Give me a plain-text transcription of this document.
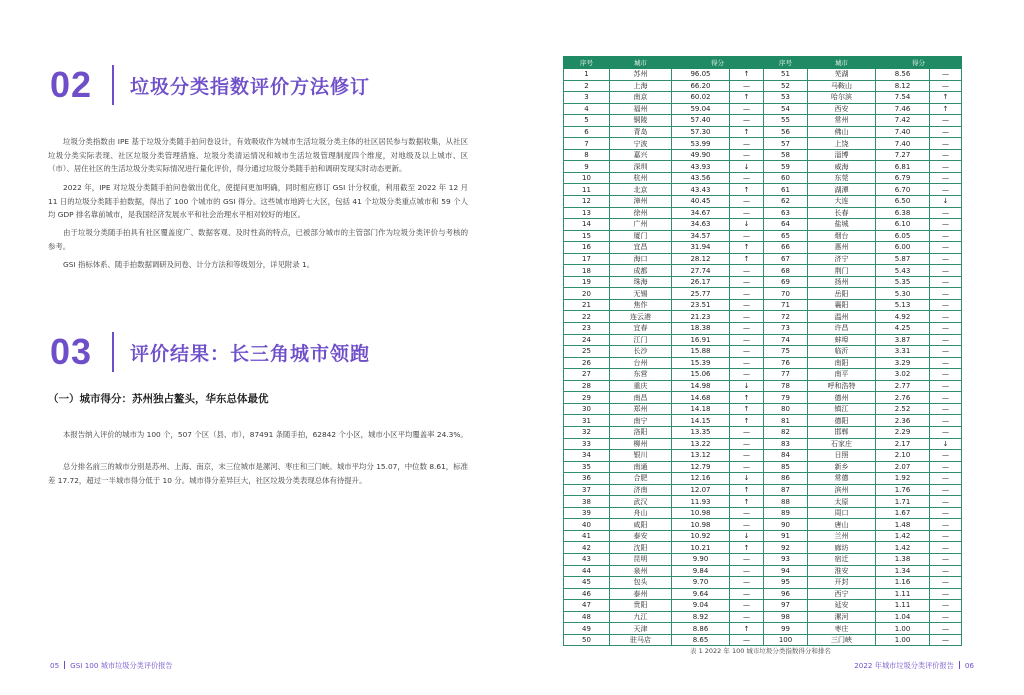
02	垃圾分类指数评价方法修订

垃圾分类指数由 IPE 基于垃圾分类随手拍问卷设计，有效吸收作为城市生活垃圾分类主体的社区居民参与数据收集，从社区垃圾分类实际表现、社区垃圾分类管理措施、垃圾分类清运情况和城市生活垃圾管理制度四个维度，对地级及以上城市、区（市）、居住社区的生活垃圾分类实际情况进行量化评价，得分通过垃圾分类随手拍和调研发现实时动态更新。

2022 年，IPE 对垃圾分类随手拍问卷做出优化，使提问更加明确，同时相应修订 GSI 计分权重，利用截至 2022 年 12 月 11 日的垃圾分类随手拍数据，得出了 100 个城市的 GSI 得分。这些城市地跨七大区，包括 41 个垃圾分类重点城市和 59 个人均 GDP 排名靠前城市，是我国经济发展水平和社会治理水平相对较好的地区。

由于垃圾分类随手拍具有社区覆盖度广、数据客观、及时性高的特点，已被部分城市的主管部门作为垃圾分类评价与考核的参考。

GSI 指标体系、随手拍数据调研及问卷、计分方法和等级划分，详见附录 1。

03	评价结果：长三角城市领跑
（一）城市得分：苏州独占鳌头，华东总体最优

本报告纳入评价的城市为 100 个，507 个区（县、市），87491 条随手拍，62842 个小区，城市小区平均覆盖率 24.3%。

总分排名前三的城市分别是苏州、上海、南京，末三位城市是漯河、枣庄和三门峡。城市平均分 15.07，中位数 8.61，标准差 17.72，超过一半城市得分低于 10 分。城市得分差异巨大，社区垃圾分类表现总体有待提升。

序号	城市	得分		序号	城市	得分	
1	苏州	96.05	↑	51	芜湖	8.56	—
2	上海	66.20	—	52	马鞍山	8.12	—
3	南京	60.02	↑	53	哈尔滨	7.54	↑
4	福州	59.04	—	54	西安	7.46	↑
5	铜陵	57.40	—	55	常州	7.42	—
6	青岛	57.30	↑	56	佛山	7.40	—
7	宁波	53.99	—	57	上饶	7.40	—
8	嘉兴	49.90	—	58	淄博	7.27	—
9	深圳	43.93	↓	59	威海	6.81	—
10	杭州	43.56	—	60	东莞	6.79	—
11	北京	43.43	↑	61	湖潭	6.70	—
12	漳州	40.45	—	62	大连	6.50	↓
13	徐州	34.67	—	63	长春	6.38	—
14	广州	34.63	↓	64	盐城	6.10	—
15	厦门	34.57	—	65	烟台	6.05	—
16	宜昌	31.94	↑	66	惠州	6.00	—
17	海口	28.12	↑	67	济宁	5.87	—
18	成都	27.74	—	68	荆门	5.43	—
19	珠海	26.17	—	69	扬州	5.35	—
20	无锡	25.77	—	70	岳阳	5.30	—
21	焦作	23.51	—	71	襄阳	5.13	—
22	连云港	21.23	—	72	温州	4.92	—
23	宜春	18.38	—	73	许昌	4.25	—
24	江门	16.91	—	74	蚌埠	3.87	—
25	长沙	15.88	—	75	临沂	3.31	—
26	台州	15.39	—	76	南阳	3.29	—
27	东营	15.06	—	77	南平	3.02	—
28	重庆	14.98	↓	78	呼和浩特	2.77	—
29	南昌	14.68	↑	79	德州	2.76	—
30	郑州	14.18	↑	80	镇江	2.52	—
31	南宁	14.15	↑	81	德阳	2.36	—
32	洛阳	13.35	—	82	邯郸	2.29	—
33	柳州	13.22	—	83	石家庄	2.17	↓
34	银川	13.12	—	84	日照	2.10	—
35	南通	12.79	—	85	新乡	2.07	—
36	合肥	12.16	↓	86	常德	1.92	—
37	济南	12.07	↑	87	滨州	1.76	—
38	武汉	11.93	↑	88	太原	1.71	—
39	舟山	10.98	—	89	周口	1.67	—
40	咸阳	10.98	—	90	唐山	1.48	—
41	泰安	10.92	↓	91	兰州	1.42	—
42	沈阳	10.21	↑	92	廊坊	1.42	—
43	昆明	9.90	—	93	宿迁	1.38	—
44	泉州	9.84	—	94	淮安	1.34	—
45	包头	9.70	—	95	开封	1.16	—
46	泰州	9.64	—	96	西宁	1.11	—
47	贵阳	9.04	—	97	延安	1.11	—
48	九江	8.92	—	98	漯河	1.04	—
49	天津	8.86	↑	99	枣庄	1.00	—
50	驻马店	8.65	—	100	三门峡	1.00	—
表 1 2022 年 100 城市垃圾分类指数得分和排名
05 GSI 100 城市垃圾分类评价报告	2022 年城市垃圾分类评价报告 06
